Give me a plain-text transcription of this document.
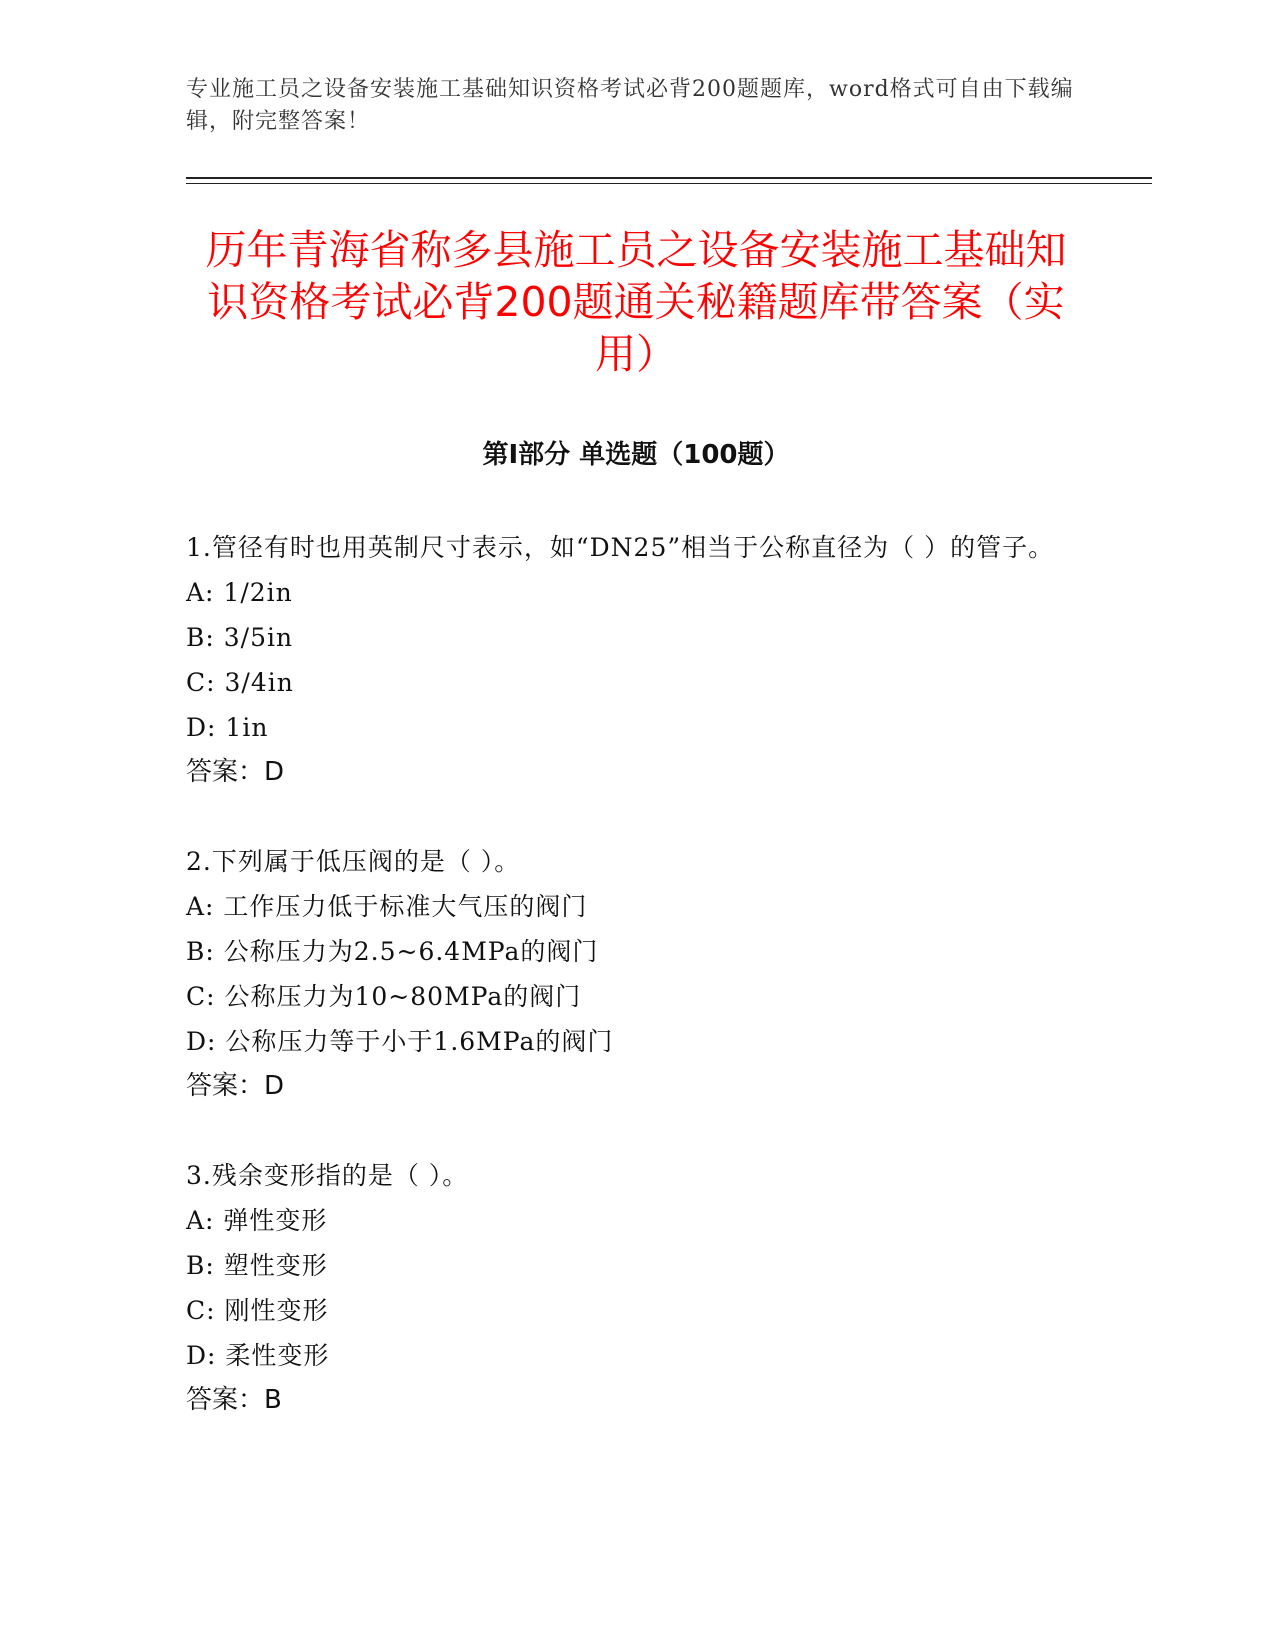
专业施工员之设备安装施工基础知识资格考试必背200题题库，word格式可自由下载编辑，附完整答案！
历年青海省称多县施工员之设备安装施工基础知识资格考试必背200题通关秘籍题库带答案（实用）
第I部分 单选题（100题）

1.管径有时也用英制尺寸表示，如“DN25”相当于公称直径为（ ）的管子。

A: 1/2in

B: 3/5in

C: 3/4in

D: 1in

答案：D

2.下列属于低压阀的是（ ）。

A: 工作压力低于标准大气压的阀门

B: 公称压力为2.5~6.4MPa的阀门

C: 公称压力为10~80MPa的阀门

D: 公称压力等于小于1.6MPa的阀门

答案：D

3.残余变形指的是（ ）。

A: 弹性变形

B: 塑性变形

C: 刚性变形

D: 柔性变形

答案：B
